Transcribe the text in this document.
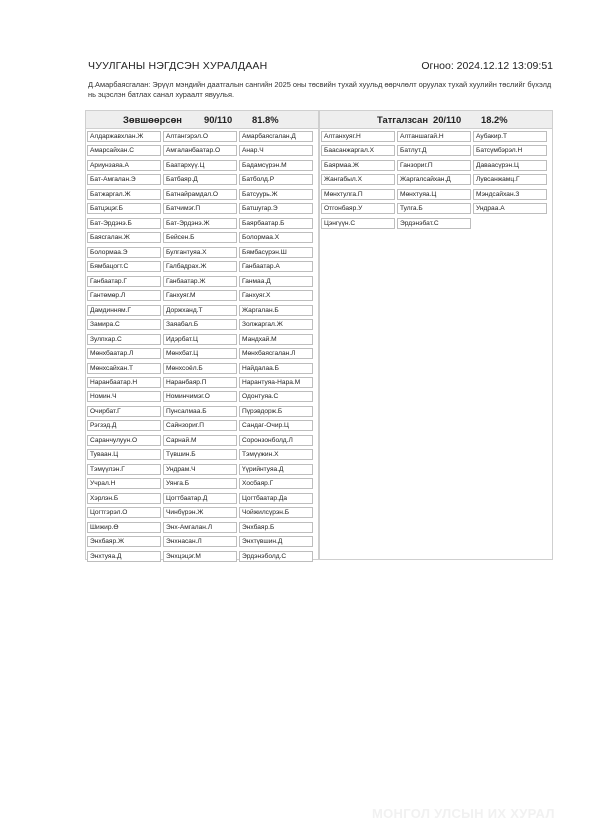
ЧУУЛГАНЫ НЭГДСЭН ХУРАЛДААН	Огноо: 2024.12.12 13:09:51
Д.Амарбаясгалан: Эрүүл мэндийн даатгалын сангийн 2025 оны төсвийн тухай хуульд өөрчлөлт оруулах тухай хуулийн төслийг бүхэлд нь эцэслэн батлах санал хураалт явуулья.
Зөвшөөрсөн 90/110 81.8%
Алдаржавхлан.Ж	Алтангэрэл.О	Амарбаясгалан.Д
Амарсайхан.С	Амгаланбаатар.О	Анар.Ч
Ариунзаяа.А	Баатархүү.Ц	Бадамсүрэн.М
Бат-Амгалан.Э	Батбаяр.Д	Батболд.Р
Батжаргал.Ж	Батнайрамдал.О	Батсуурь.Ж
Батцэцэг.Б	Батчимэг.П	Батшугар.Э
Бат-Эрдэнэ.Б	Бат-Эрдэнэ.Ж	Баярбаатар.Б
Баясгалан.Ж	Бейсен.Б	Болормаа.Х
Болормаа.Э	Булгантуяа.Х	Бямбасүрэн.Ш
Бямбацогт.С	Галбадрах.Ж	Ганбаатар.А
Ганбаатар.Г	Ганбаатар.Ж	Ганмаа.Д
Гантөмөр.Л	Ганхуяг.М	Ганхуяг.Х
Дамдинням.Г	Доржханд.Т	Жаргалан.Б
Замира.С	Заяабал.Б	Золжаргал.Ж
Зулпхар.С	Идэрбат.Ц	Мандхай.М
Мөнхбаатар.Л	Мөнхбат.Ц	Мөнхбаясгалан.Л
Мөнхсайхан.Т	Мөнхсоёл.Б	Найдалаа.Б
Наранбаатар.Н	Наранбаяр.П	Нарантуяа-Нара.М
Номин.Ч	Номинчимэг.О	Одонтуяа.С
Очирбат.Г	Пунсалмаа.Б	Пүрэвдорж.Б
Рэгзэд.Д	Сайнзориг.П	Сандаг-Очир.Ц
Саранчулуун.О	Сарнай.М	Соронзонболд.Л
Туваан.Ц	Түвшин.Б	Тэмүүжин.Х
Тэмүүлэн.Г	Ундрам.Ч	Үүрийнтуяа.Д
Учрал.Н	Уянга.Б	Хосбаяр.Г
Хэрлэн.Б	Цогтбаатар.Д	Цогтбаатар.Да
Цогтгэрэл.О	Чинбүрэн.Ж	Чойжилсүрэн.Б
Шижир.Ө	Энх-Амгалан.Л	Энхбаяр.Б
Энхбаяр.Ж	Энхнасан.Л	Энхтүвшин.Д
Энхтуяа.Д	Энхцэцэг.М	Эрдэнэболд.С
Татгалзсан 20/110 18.2%
Алтанхуяг.Н	Алтаншагай.Н	Аубакир.Т
Баасанжаргал.Х	Батлут.Д	Батсүмбэрэл.Н
Баярмаа.Ж	Ганзориг.П	Даваасүрэн.Ц
Жангабыл.Х	Жаргалсайхан.Д	Лувсанжамц.Г
Мөнхтулга.П	Мөнхтуяа.Ц	Мэндсайхан.З
Отгонбаяр.У	Тулга.Б	Ундраа.А
Цэнгүүн.С	Эрдэнэбат.С
МОНГОЛ УЛСЫН ИХ ХУРАЛ
